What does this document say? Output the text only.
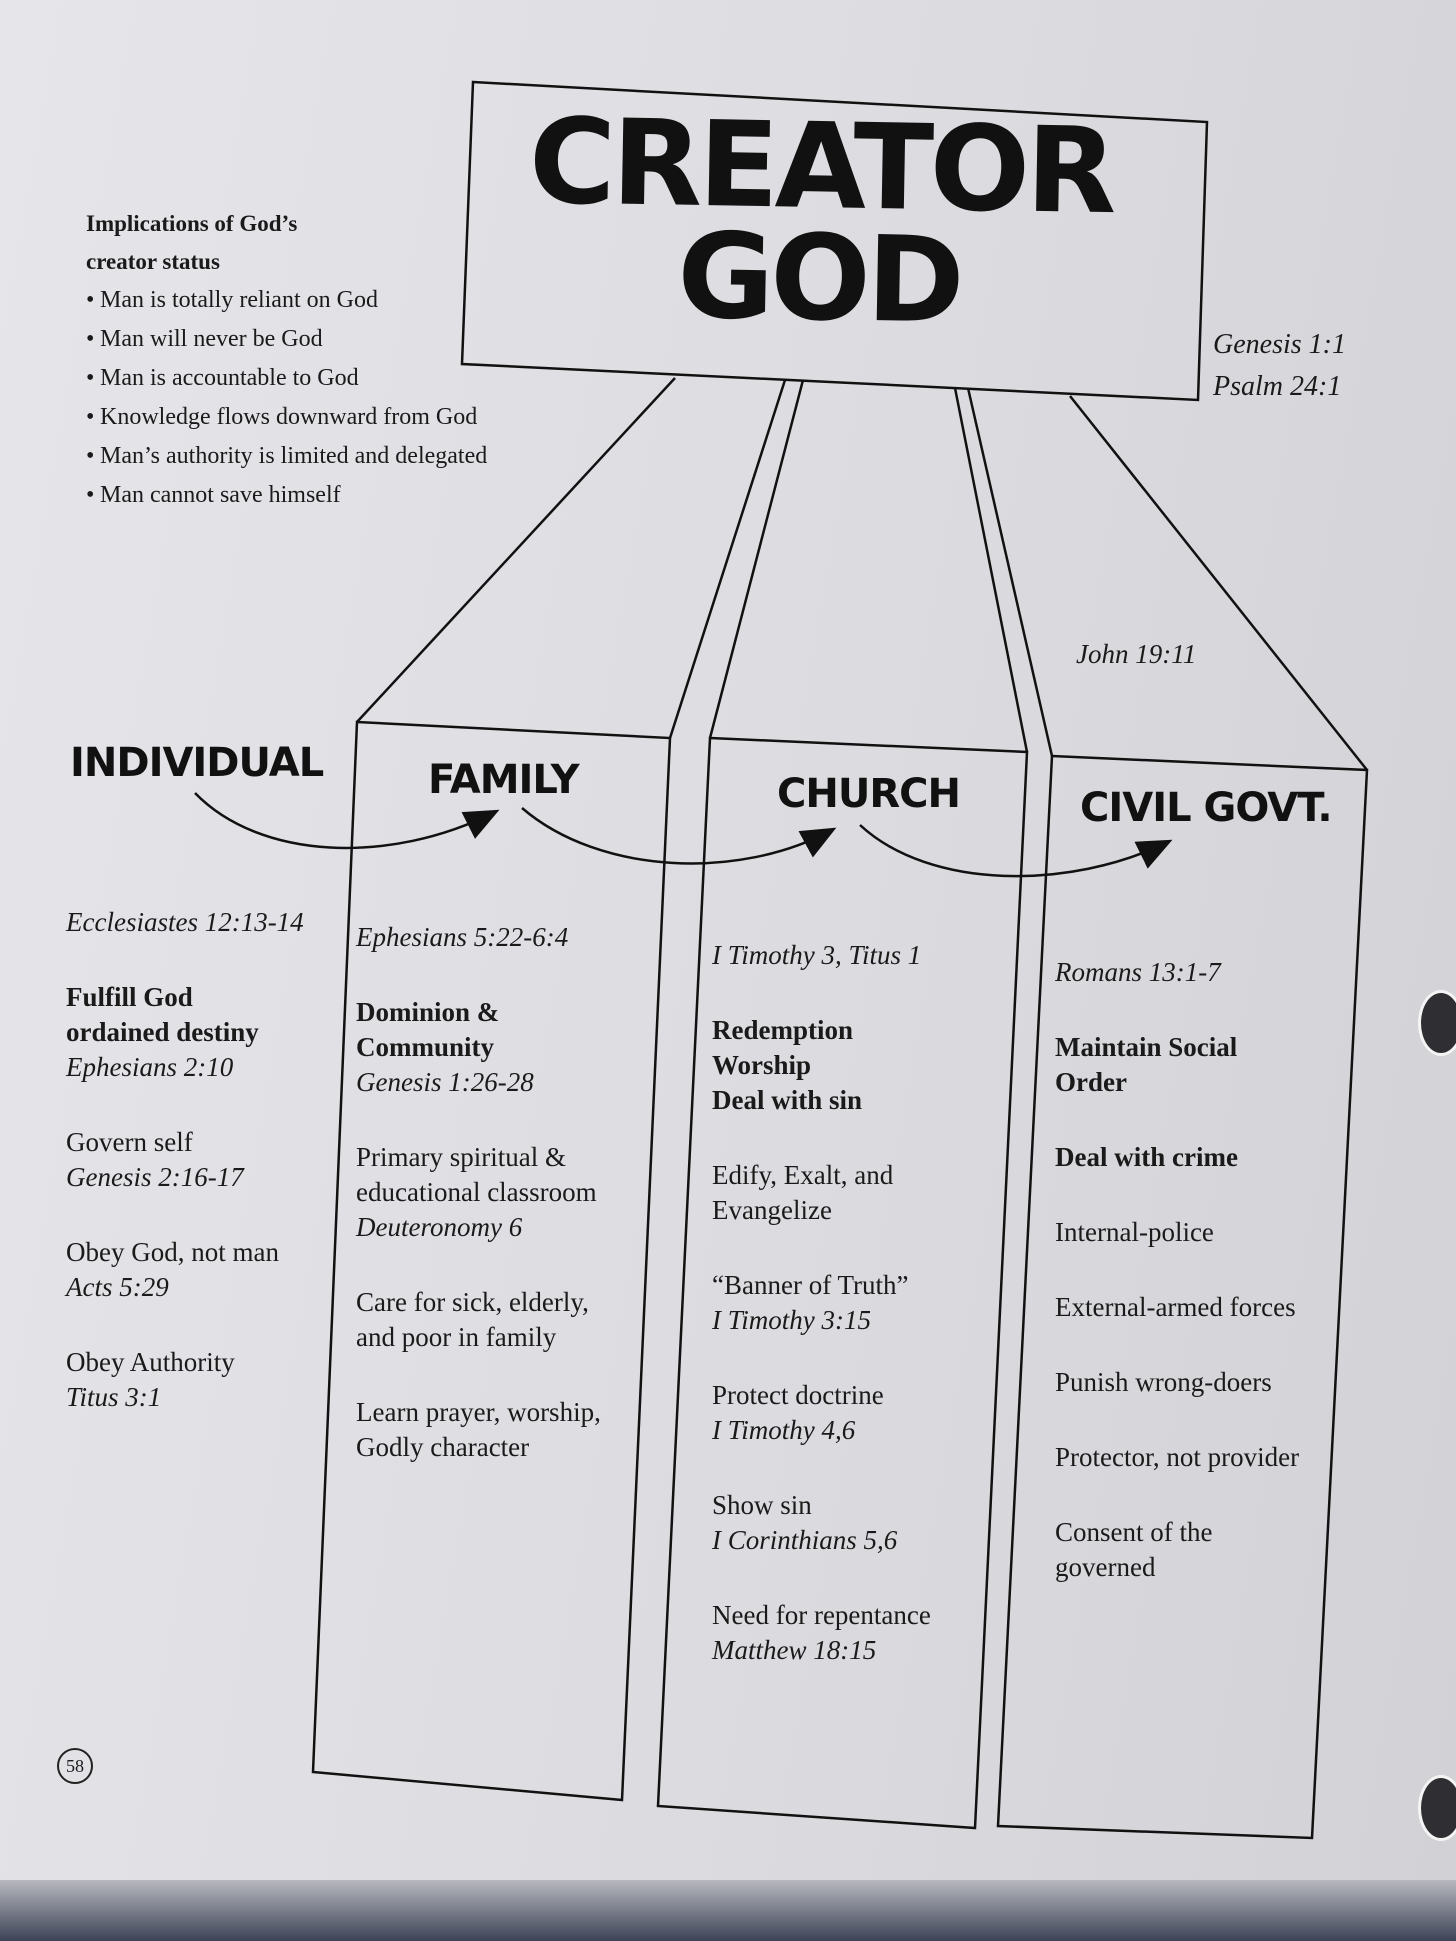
CREATOR
GOD	Genesis 1:1
Psalm 24:1
Implications of God’s
creator status
• Man is totally reliant on God
• Man will never be God
• Man is accountable to God
• Knowledge flows downward from God
• Man’s authority is limited and delegated
• Man cannot save himself
John 19:11
INDIVIDUAL	FAMILY	CHURCH	CIVIL GOVT.
Ecclesiastes 12:13-14
Fulfill God
ordained destiny
Ephesians 2:10
Govern self
Genesis 2:16-17
Obey God, not man
Acts 5:29
Obey Authority
Titus 3:1
Ephesians 5:22-6:4
Dominion &
Community
Genesis 1:26-28
Primary spiritual &
educational classroom
Deuteronomy 6
Care for sick, elderly,
and poor in family
Learn prayer, worship,
Godly character
I Timothy 3, Titus 1
Redemption
Worship
Deal with sin
Edify, Exalt, and
Evangelize
“Banner of Truth”
I Timothy 3:15
Protect doctrine
I Timothy 4,6
Show sin
I Corinthians 5,6
Need for repentance
Matthew 18:15
Romans 13:1-7
Maintain Social
Order
Deal with crime
Internal-police
External-armed forces
Punish wrong-doers
Protector, not provider
Consent of the
governed
58
